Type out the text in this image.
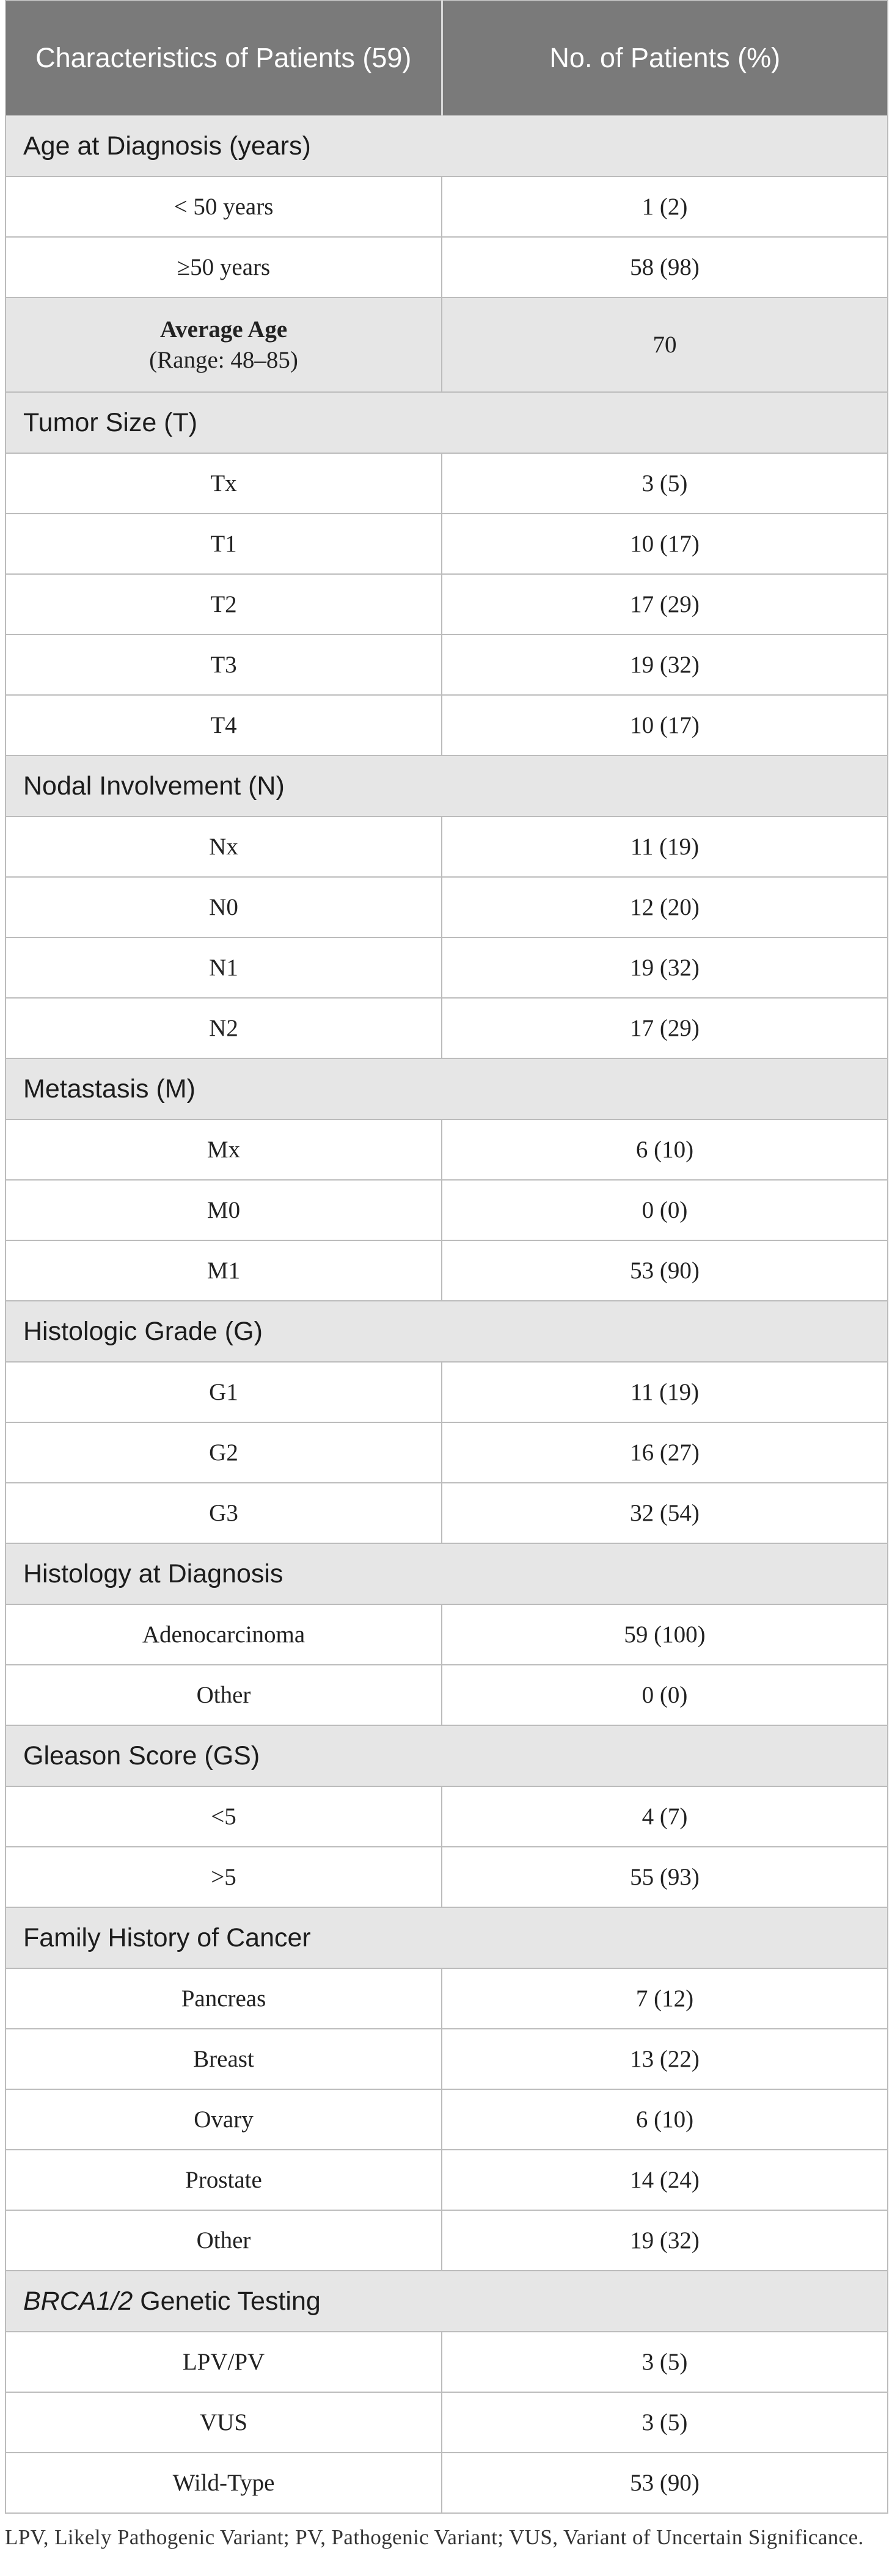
Characteristics of Patients (59)	No. of Patients (%)
Age at Diagnosis (years)	
< 50 years	1 (2)
≥50 years	58 (98)

Average Age
(Range: 48–85)	70
Tumor Size (T)	
Tx	3 (5)
T1	10 (17)
T2	17 (29)
T3	19 (32)
T4	10 (17)
Nodal Involvement (N)	
Nx	11 (19)
N0	12 (20)
N1	19 (32)
N2	17 (29)
Metastasis (M)	
Mx	6 (10)
M0	0 (0)
M1	53 (90)
Histologic Grade (G)	
G1	11 (19)
G2	16 (27)
G3	32 (54)
Histology at Diagnosis	
Adenocarcinoma	59 (100)
Other	0 (0)
Gleason Score (GS)	
<5	4 (7)
>5	55 (93)
Family History of Cancer	
Pancreas	7 (12)
Breast	13 (22)
Ovary	6 (10)
Prostate	14 (24)
Other	19 (32)
BRCA1/2 Genetic Testing	
LPV/PV	3 (5)
VUS	3 (5)
Wild-Type	53 (90)
LPV, Likely Pathogenic Variant; PV, Pathogenic Variant; VUS, Variant of Uncertain Significance.
